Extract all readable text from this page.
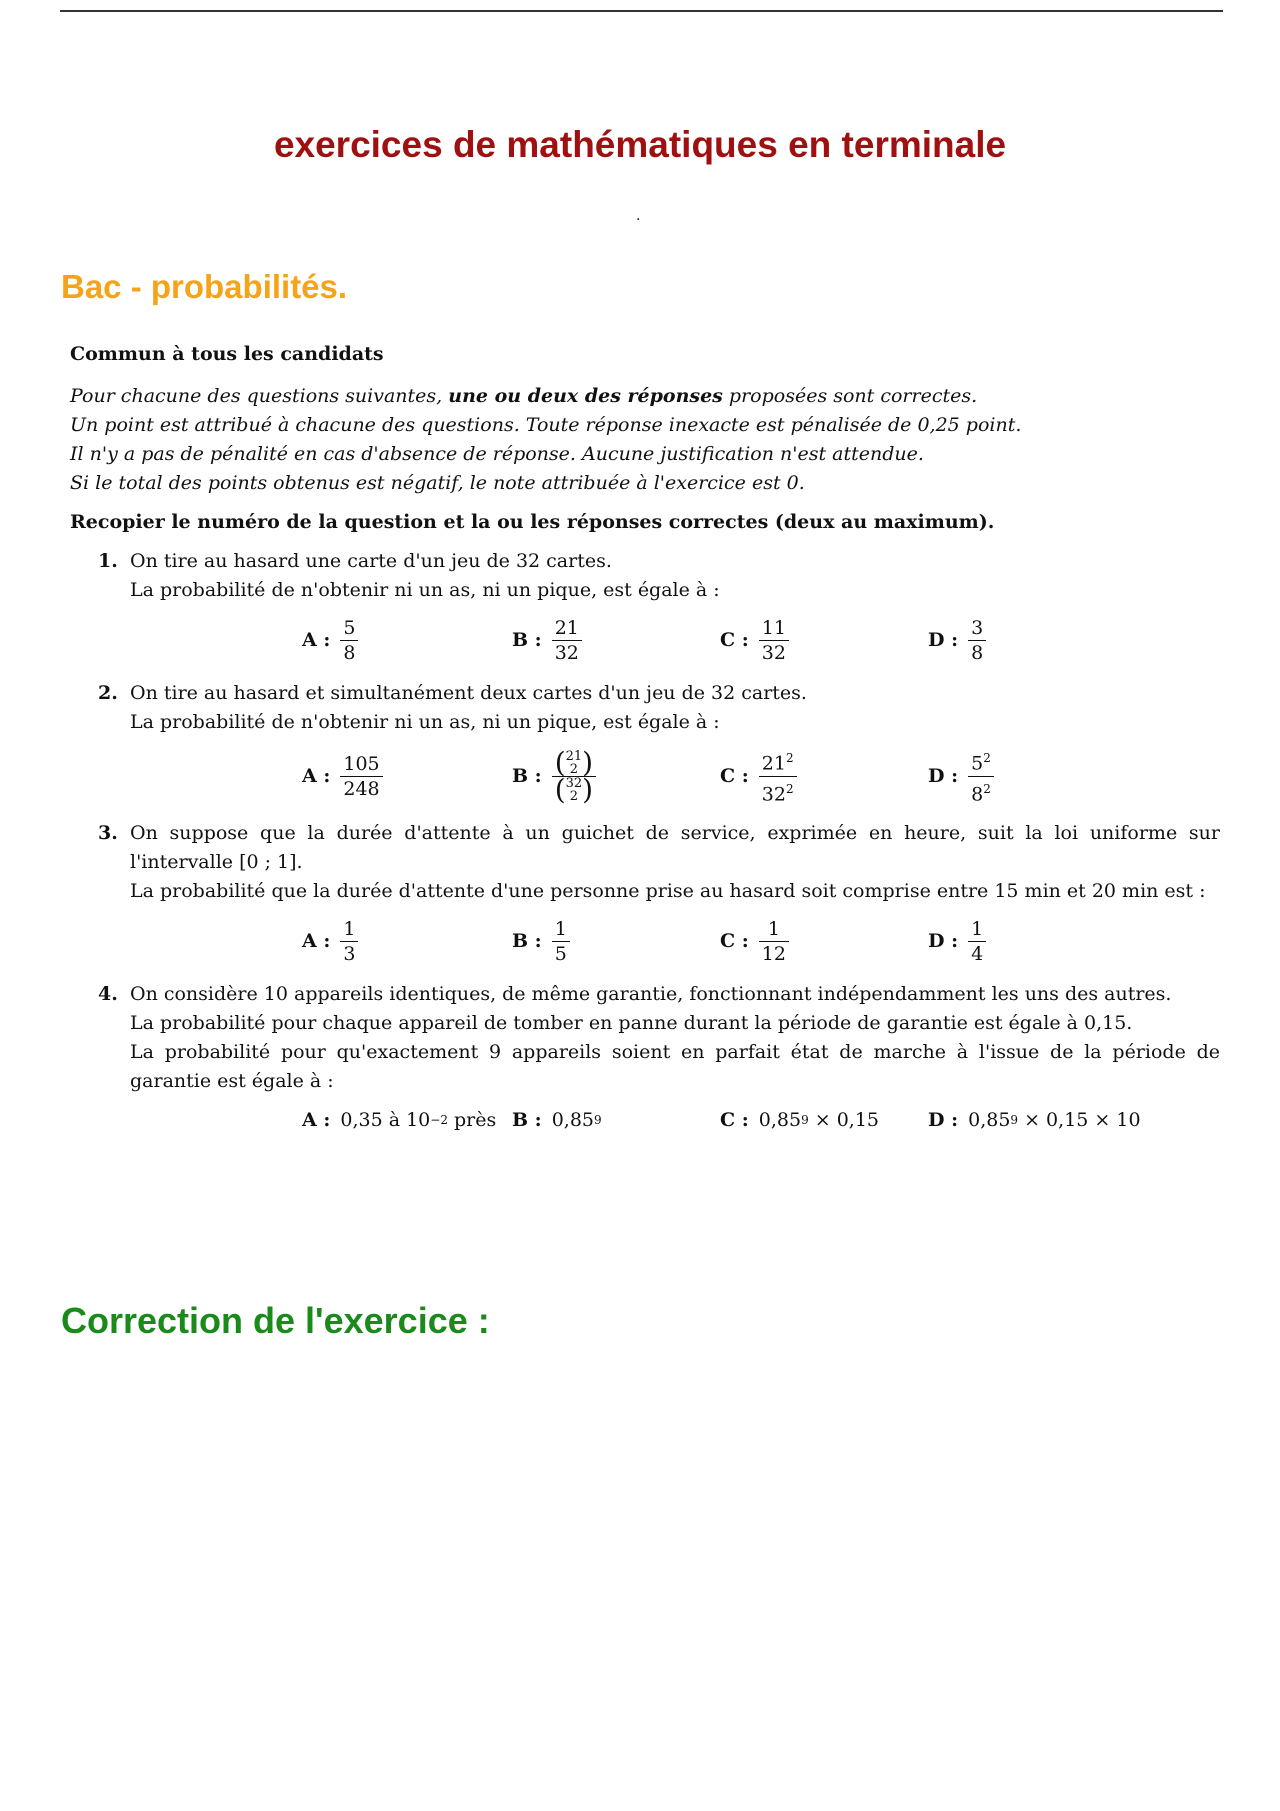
exercices de mathématiques en terminale
.
Bac - probabilités.
Commun à tous les candidats
Pour chacune des questions suivantes, une ou deux des réponses proposées sont correctes.
Un point est attribué à chacune des questions. Toute réponse inexacte est pénalisée de 0,25 point.
Il n'y a pas de pénalité en cas d'absence de réponse. Aucune justification n'est attendue.
Si le total des points obtenus est négatif, le note attribuée à l'exercice est 0.
Recopier le numéro de la question et la ou les réponses correctes (deux au maximum).
1. On tire au hasard une carte d'un jeu de 32 cartes.
La probabilité de n'obtenir ni un as, ni un pique, est égale à :
A : $\frac{5}{8}$	B : $\frac{21}{32}$	C : $\frac{11}{32}$	D : $\frac{3}{8}$
2. On tire au hasard et simultanément deux cartes d'un jeu de 32 cartes.
La probabilité de n'obtenir ni un as, ni un pique, est égale à :
A : $\frac{105}{248}$	B : ( 21
2 )
( 32
2 )	C : $\frac{21^2}{32^2}$	D : $\frac{5^2}{8^2}$
3. On suppose que la durée d'attente à un guichet de service, exprimée en heure, suit la loi uniforme sur l'intervalle [0 ; 1].
La probabilité que la durée d'attente d'une personne prise au hasard soit comprise entre 15 min et 20 min est :
A : $\frac{1}{3}$	B : $\frac{1}{5}$	C : $\frac{1}{12}$	D : $\frac{1}{4}$
4. On considère 10 appareils identiques, de même garantie, fonctionnant indépendamment les uns des autres.
La probabilité pour chaque appareil de tomber en panne durant la période de garantie est égale à 0,15.
La probabilité pour qu'exactement 9 appareils soient en parfait état de marche à l'issue de la période de garantie est égale à :
A : 0,35 à 10 −2 près B : 0,85 9	C : 0,85 9 × 0,15	D : 0,85 9 × 0,15 × 10
Correction de l'exercice :
